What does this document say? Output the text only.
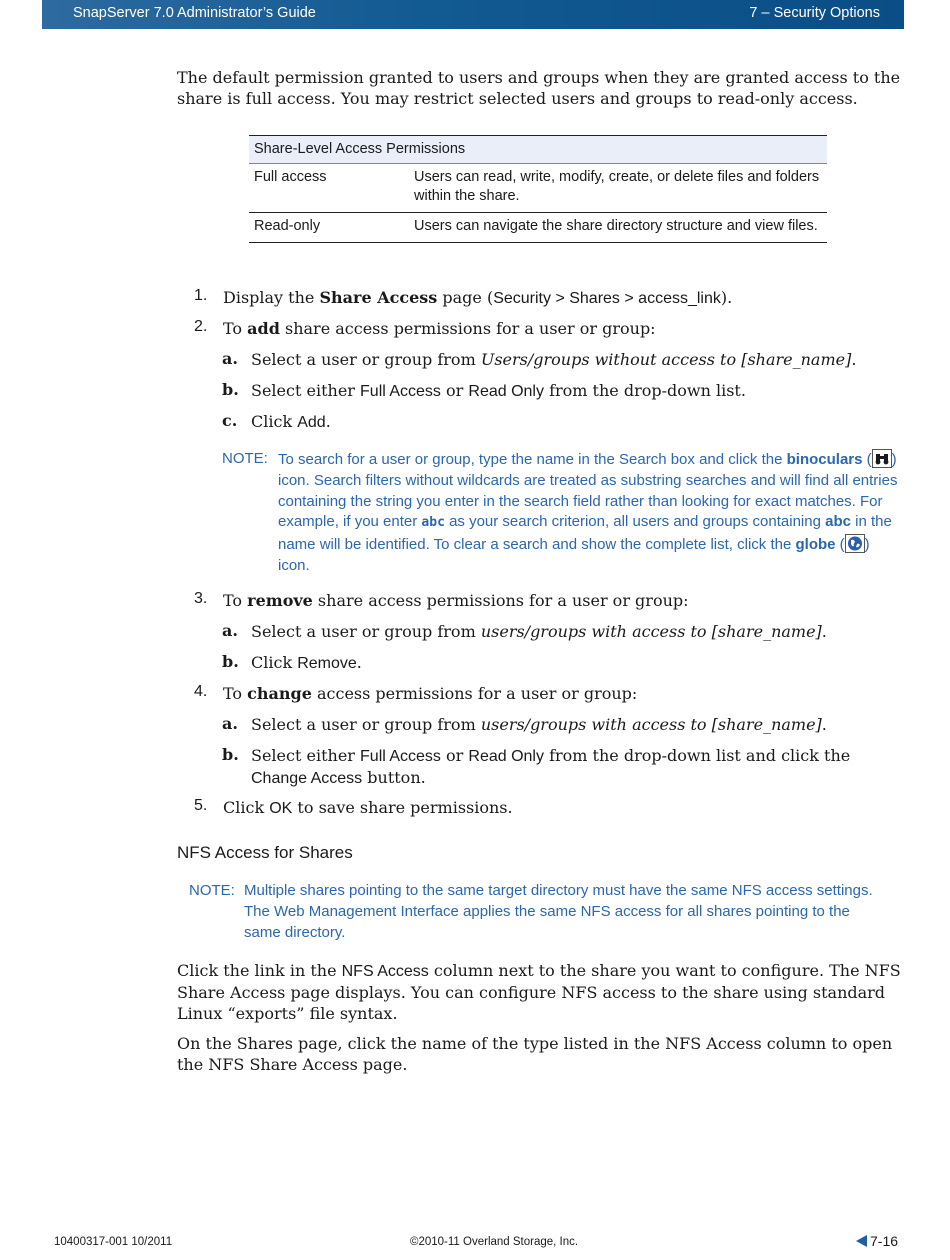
SnapServer 7.0 Administrator’s Guide	7 – Security Options
The default permission granted to users and groups when they are granted access to the share is full access. You may restrict selected users and groups to read-only access.
Share-Level Access Permissions	
Full access	Users can read, write, modify, create, or delete files and folders within the share.
Read-only	Users can navigate the share directory structure and view files.
1. Display the Share Access page (Security > Shares > access_link).
2. To add share access permissions for a user or group:
a. Select a user or group from Users/groups without access to [share_name].
b. Select either Full Access or Read Only from the drop-down list.
c. Click Add.
NOTE: To search for a user or group, type the name in the Search box and click the binoculars ( ) icon. Search filters without wildcards are treated as substring searches and will find all entries containing the string you enter in the search field rather than looking for exact matches. For example, if you enter abc as your search criterion, all users and groups containing abc in the name will be identified. To clear a search and show the complete list, click the globe ( ) icon.
3. To remove share access permissions for a user or group:
a. Select a user or group from users/groups with access to [share_name].
b. Click Remove.
4. To change access permissions for a user or group:
a. Select a user or group from users/groups with access to [share_name].
b. Select either Full Access or Read Only from the drop-down list and click the Change Access button.
5. Click OK to save share permissions.
NFS Access for Shares
NOTE: Multiple shares pointing to the same target directory must have the same NFS access settings. The Web Management Interface applies the same NFS access for all shares pointing to the same directory.
Click the link in the NFS Access column next to the share you want to configure. The NFS Share Access page displays. You can configure NFS access to the share using standard Linux “exports” file syntax.
On the Shares page, click the name of the type listed in the NFS Access column to open the NFS Share Access page.
10400317-001 10/2011	©2010-11 Overland Storage, Inc.	7-16
